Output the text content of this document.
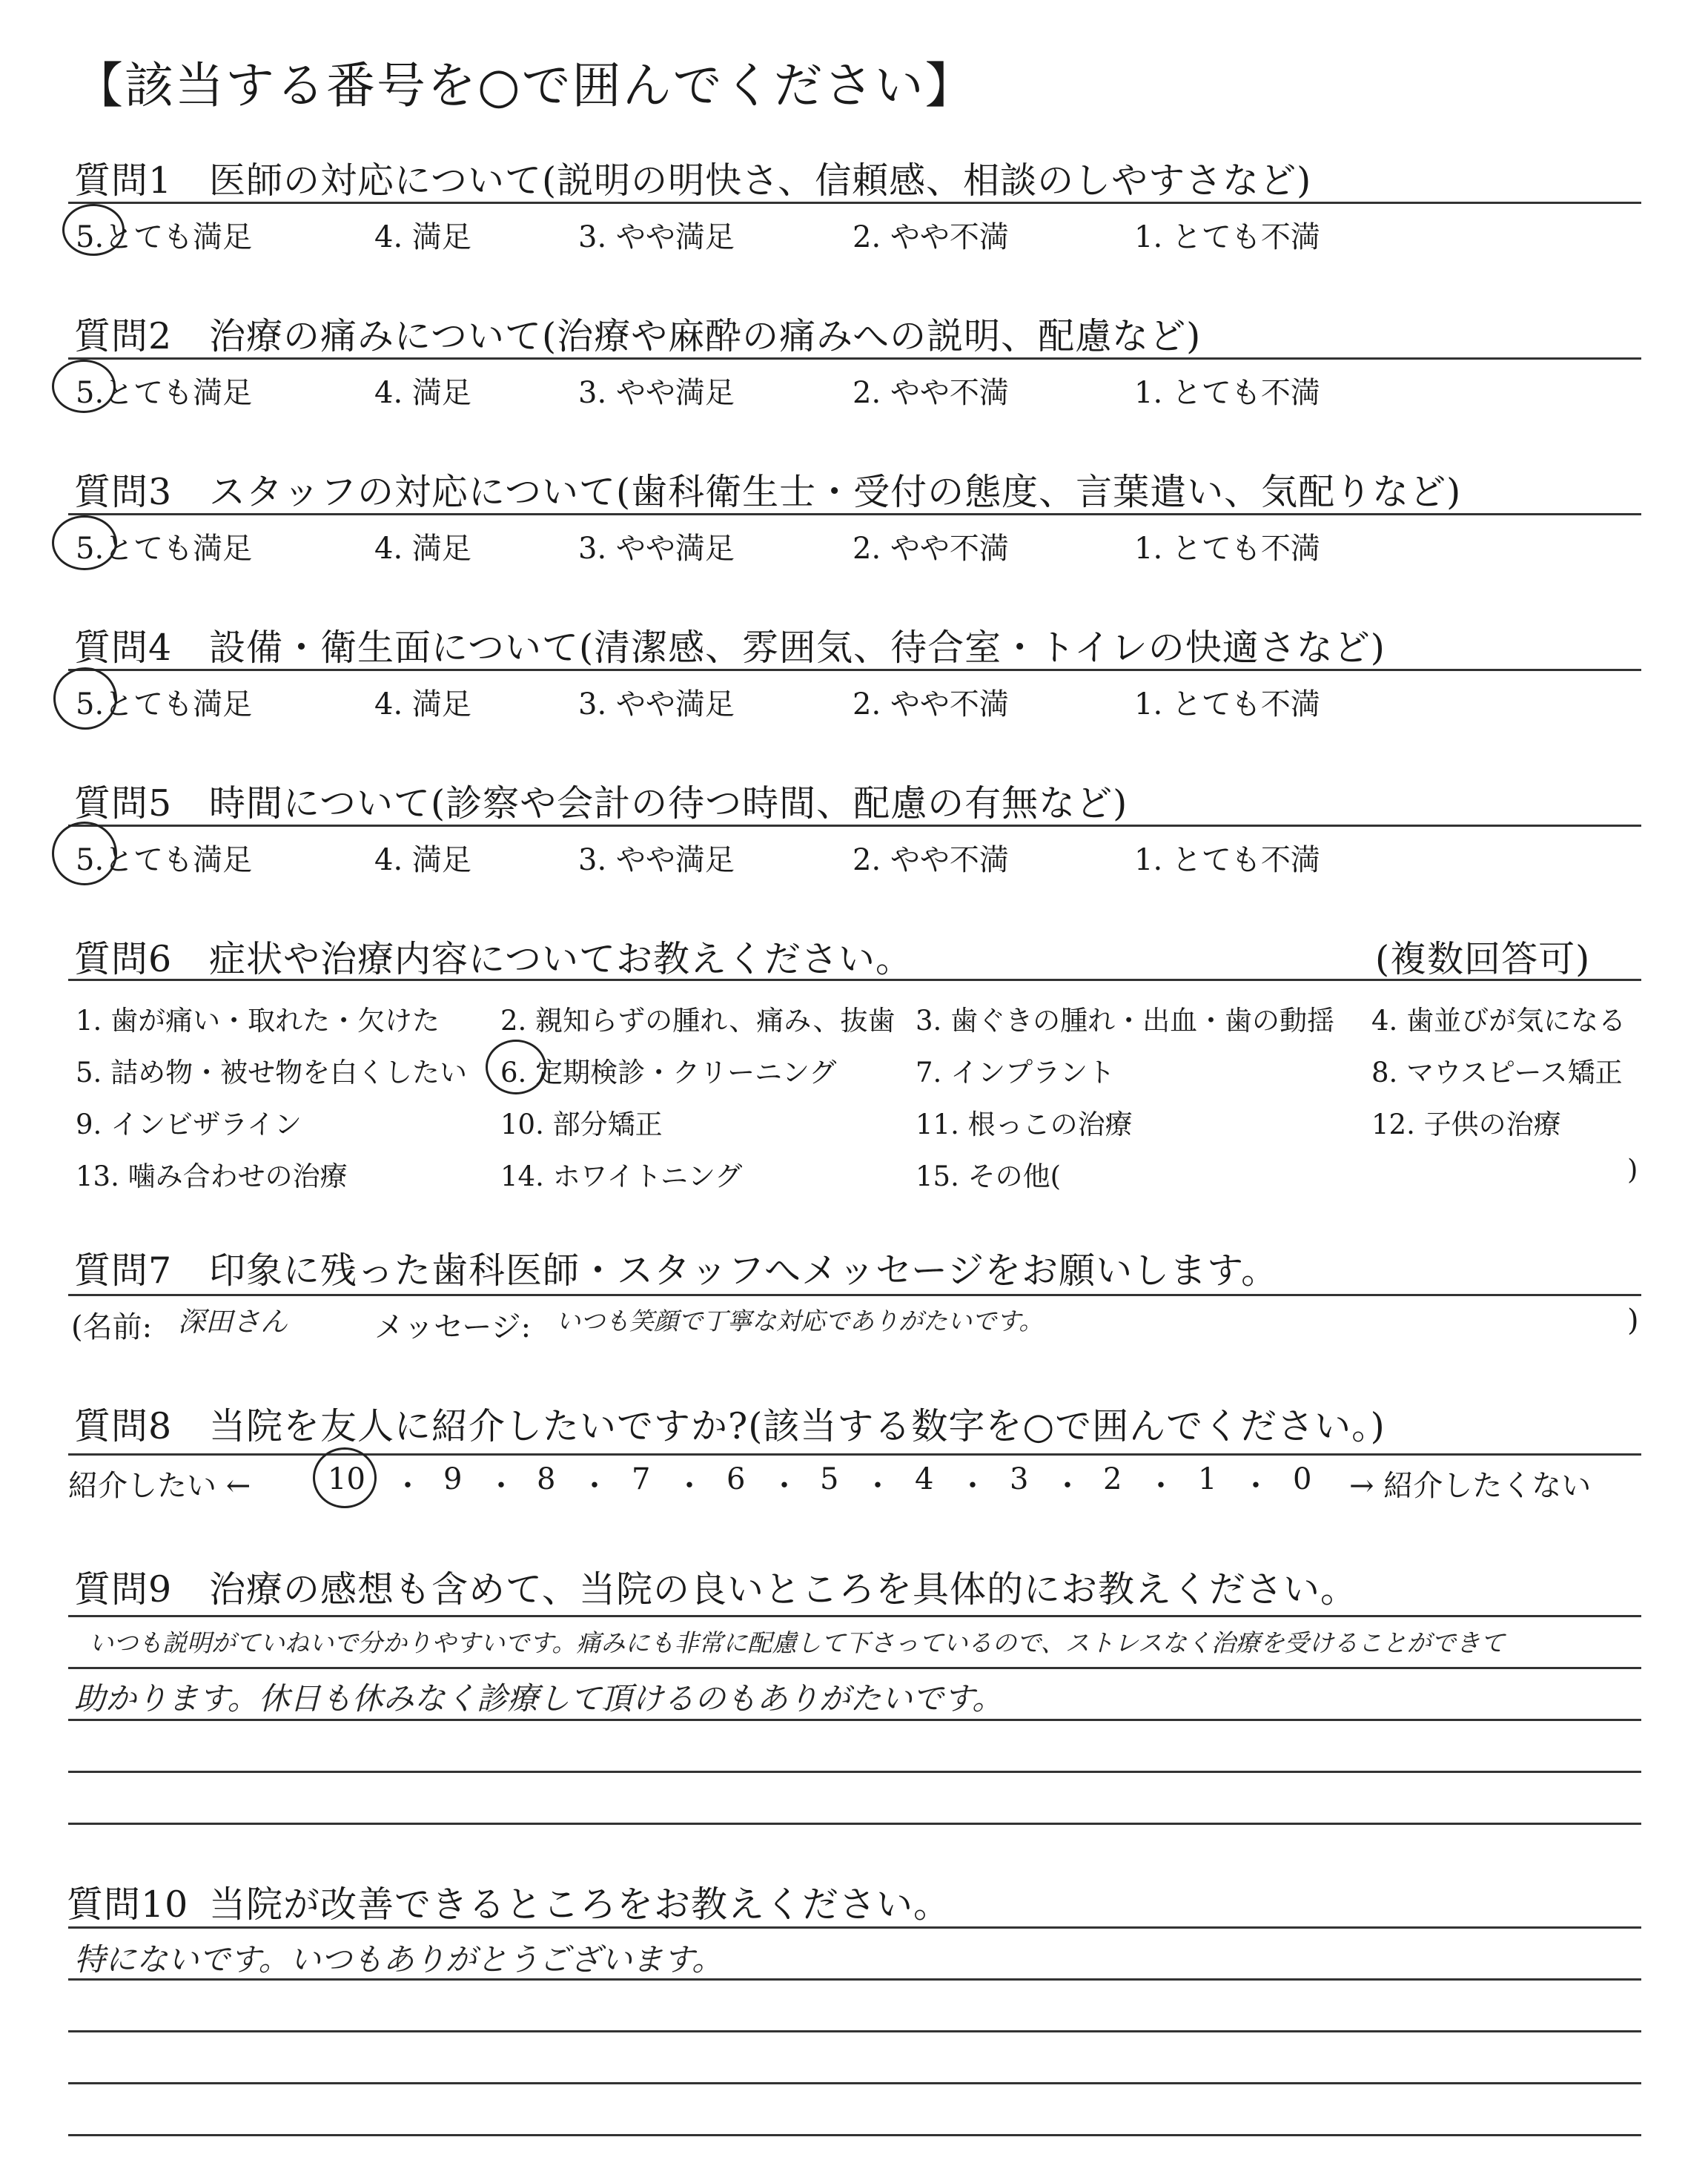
【該当する番号を○で囲んでください】
質問1 医師の対応について(説明の明快さ、信頼感、相談のしやすさなど)
5.とても満足	4. 満足	3. やや満足	2. やや不満	1. とても不満
質問2 治療の痛みについて(治療や麻酔の痛みへの説明、配慮など)
5.とても満足	4. 満足	3. やや満足	2. やや不満	1. とても不満
質問3 スタッフの対応について(歯科衛生士・受付の態度、言葉遣い、気配りなど)
5.とても満足	4. 満足	3. やや満足	2. やや不満	1. とても不満
質問4 設備・衛生面について(清潔感、雰囲気、待合室・トイレの快適さなど)
5.とても満足	4. 満足	3. やや満足	2. やや不満	1. とても不満
質問5 時間について(診察や会計の待つ時間、配慮の有無など)
5.とても満足	4. 満足	3. やや満足	2. やや不満	1. とても不満
質問6 症状や治療内容についてお教えください。	(複数回答可)
1. 歯が痛い・取れた・欠けた 2. 親知らずの腫れ、痛み、抜歯 3. 歯ぐきの腫れ・出血・歯の動揺 4. 歯並びが気になる
5. 詰め物・被せ物を白くしたい 6. 定期検診・クリーニング	7. インプラント	8. マウスピース矯正
9. インビザライン	10. 部分矯正	11. 根っこの治療	12. 子供の治療
13. 噛み合わせの治療	14. ホワイトニング	15. その他(	)
質問7 印象に残った歯科医師・スタッフへメッセージをお願いします。
(名前: 深田さん	メッセージ: いつも笑顔で丁寧な対応でありがたいです。	)
質問8 当院を友人に紹介したいですか?(該当する数字を○で囲んでください。)
紹介したい ←	10 ・ 9 ・ 8 ・ 7 ・ 6 ・ 5 ・ 4 ・ 3 ・ 2 ・ 1 ・ 0 → 紹介したくない
質問9 治療の感想も含めて、当院の良いところを具体的にお教えください。
いつも説明がていねいで分かりやすいです。痛みにも非常に配慮して下さっているので、ストレスなく治療を受けることができて
助かります。休日も休みなく診療して頂けるのもありがたいです。
質問10 当院が改善できるところをお教えください。
特にないです。いつもありがとうございます。
